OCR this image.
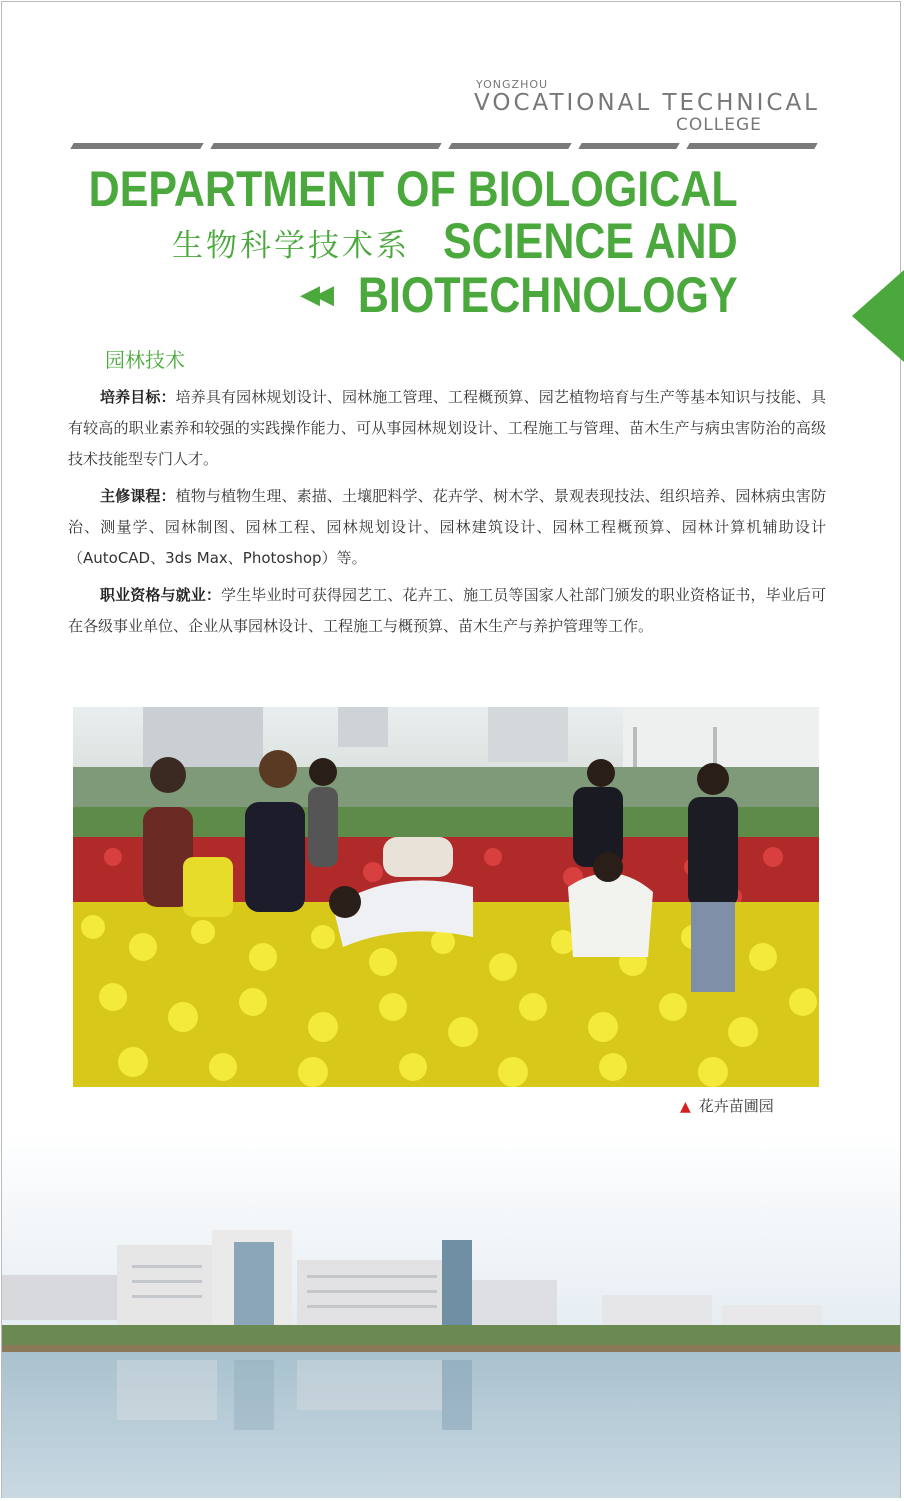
YONGZHOU
VOCATIONAL TECHNICAL
COLLEGE
DEPARTMENT OF BIOLOGICAL
SCIENCE AND
BIOTECHNOLOGY
生物科学技术系
◀◀
园林技术

培养目标：培养具有园林规划设计、园林施工管理、工程概预算、园艺植物培育与生产等基本知识与技能、具有较高的职业素养和较强的实践操作能力、可从事园林规划设计、工程施工与管理、苗木生产与病虫害防治的高级技术技能型专门人才。

主修课程：植物与植物生理、素描、土壤肥料学、花卉学、树木学、景观表现技法、组织培养、园林病虫害防治、测量学、园林制图、园林工程、园林规划设计、园林建筑设计、园林工程概预算、园林计算机辅助设计（AutoCAD、3ds Max、Photoshop）等。

职业资格与就业：学生毕业时可获得园艺工、花卉工、施工员等国家人社部门颁发的职业资格证书，毕业后可在各级事业单位、企业从事园林设计、工程施工与概预算、苗木生产与养护管理等工作。

▲ 花卉苗圃园
